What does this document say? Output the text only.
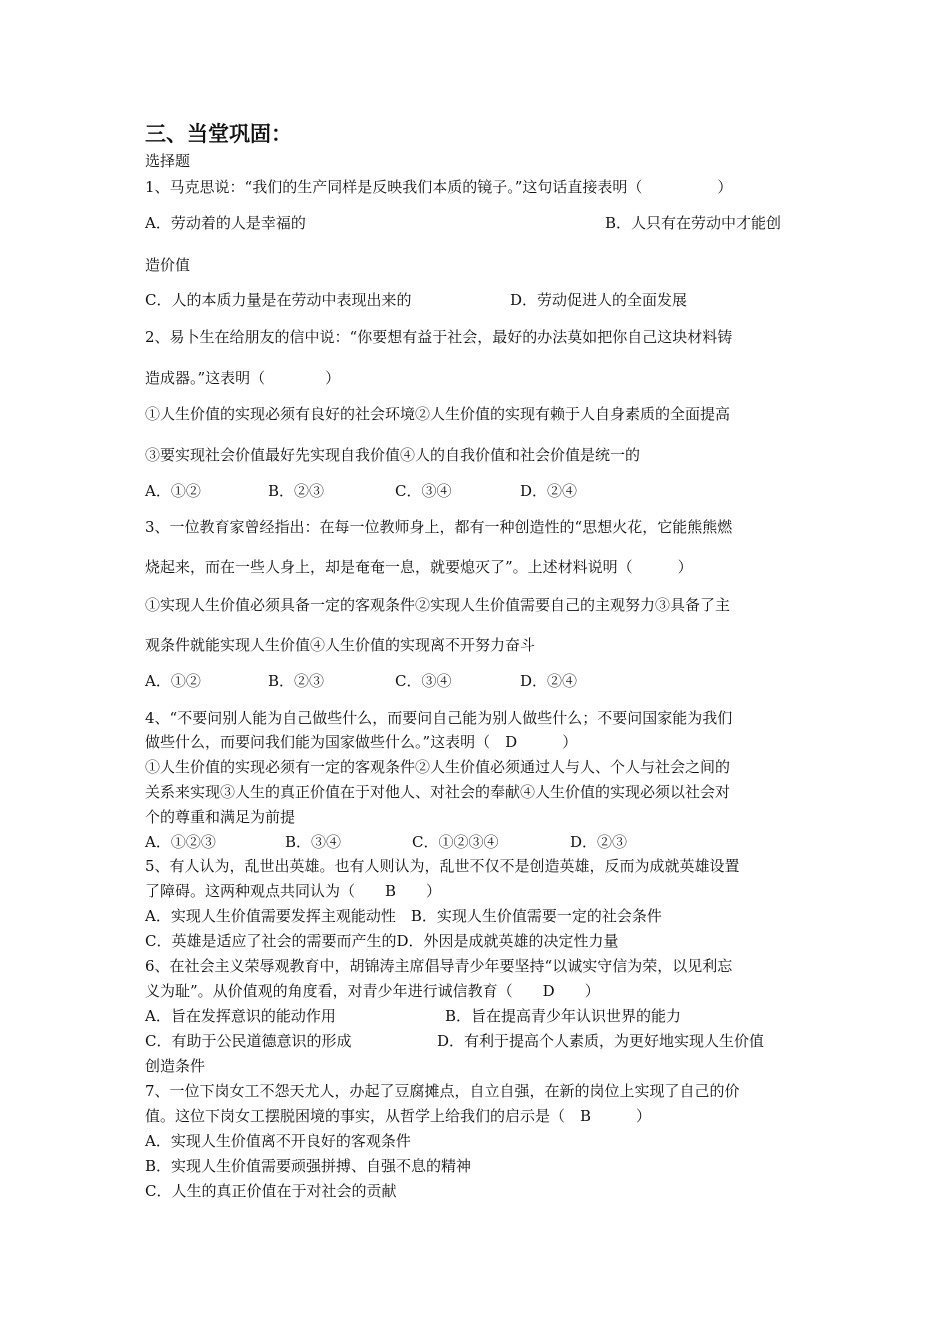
三、当堂巩固：
选择题
1、马克思说：“我们的生产同样是反映我们本质的镜子。”这句话直接表明（　　　　　）
A．劳动着的人是幸福的	B．人只有在劳动中才能创
造价值
C．人的本质力量是在劳动中表现出来的	D．劳动促进人的全面发展
2、易卜生在给朋友的信中说：“你要想有益于社会，最好的办法莫如把你自己这块材料铸
造成器。”这表明（　　　　）
①人生价值的实现必须有良好的社会环境②人生价值的实现有赖于人自身素质的全面提高
③要实现社会价值最好先实现自我价值④人的自我价值和社会价值是统一的
A．①②	B．②③	C．③④	D．②④
3、一位教育家曾经指出：在每一位教师身上，都有一种创造性的“思想火花，它能熊熊燃
烧起来，而在一些人身上，却是奄奄一息，就要熄灭了”。上述材料说明（　　　）
①实现人生价值必须具备一定的客观条件②实现人生价值需要自己的主观努力③具备了主
观条件就能实现人生价值④人生价值的实现离不开努力奋斗
A．①②	B．②③	C．③④	D．②④
4、“不要问别人能为自己做些什么，而要问自己能为别人做些什么；不要问国家能为我们
做些什么，而要问我们能为国家做些什么。”这表明（　D　　　）
①人生价值的实现必须有一定的客观条件②人生价值必须通过人与人、个人与社会之间的
关系来实现③人生的真正价值在于对他人、对社会的奉献④人生价值的实现必须以社会对
个的尊重和满足为前提
A．①②③	B．③④	C．①②③④	D．②③
5、有人认为，乱世出英雄。也有人则认为，乱世不仅不是创造英雄，反而为成就英雄设置
了障碍。这两种观点共同认为（　　B　　）
A．实现人生价值需要发挥主观能动性　B．实现人生价值需要一定的社会条件
C．英雄是适应了社会的需要而产生的D．外因是成就英雄的决定性力量
6、在社会主义荣辱观教育中，胡锦涛主席倡导青少年要坚持“以诚实守信为荣，以见利忘
义为耻”。从价值观的角度看，对青少年进行诚信教育（　　D　　）
A．旨在发挥意识的能动作用	B．旨在提高青少年认识世界的能力
C．有助于公民道德意识的形成	D．有利于提高个人素质，为更好地实现人生价值
创造条件
7、一位下岗女工不怨天尤人，办起了豆腐摊点，自立自强，在新的岗位上实现了自己的价
值。这位下岗女工摆脱困境的事实，从哲学上给我们的启示是（　B　　　）
A．实现人生价值离不开良好的客观条件
B．实现人生价值需要顽强拼搏、自强不息的精神
C．人生的真正价值在于对社会的贡献
